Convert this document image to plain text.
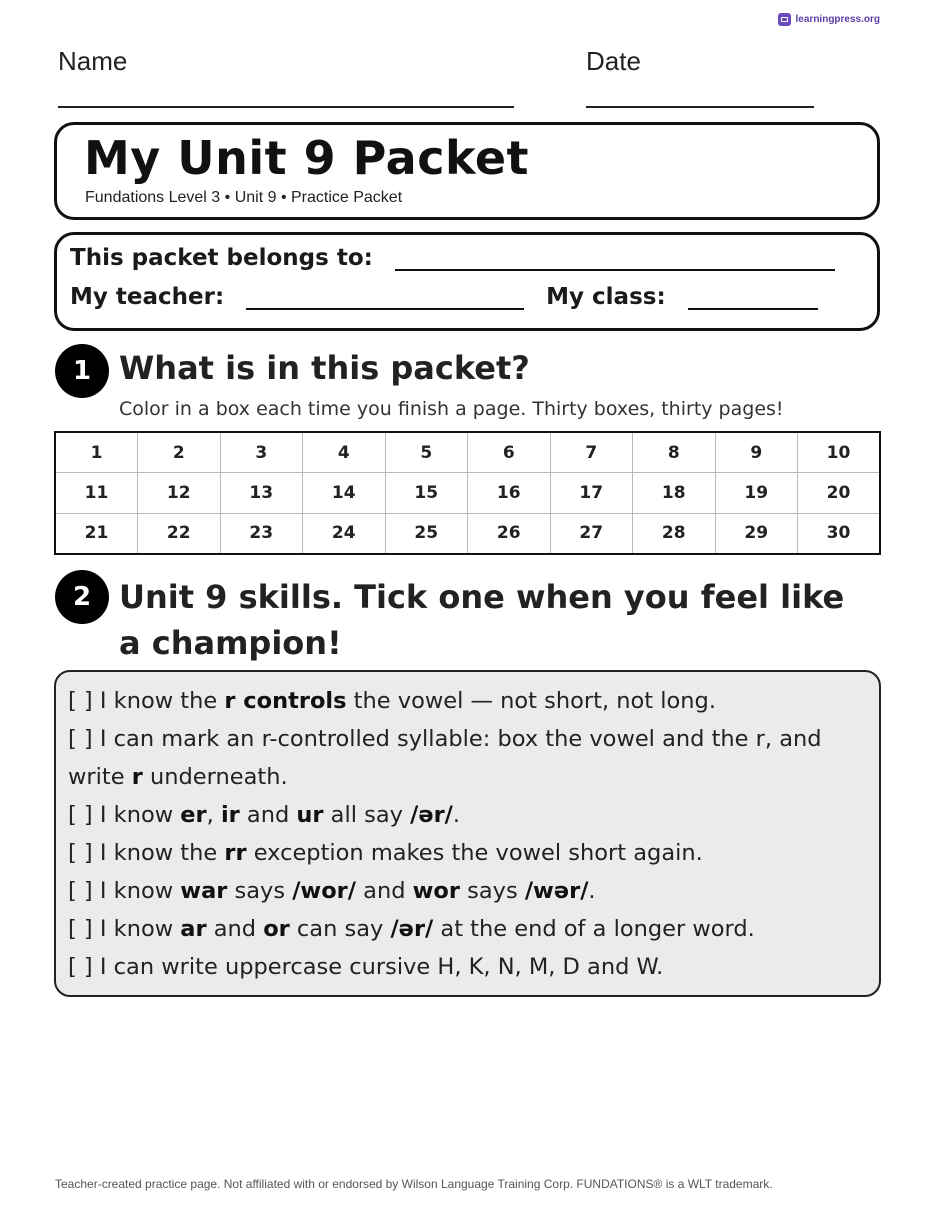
learningpress.org
Name	Date
My Unit 9 Packet
Fundations Level 3 • Unit 9 • Practice Packet
This packet belongs to:
My teacher:	My class:
1 What is in this packet?
Color in a box each time you finish a page. Thirty boxes, thirty pages!
1	2	3	4	5	6	7	8	9	10
11	12	13	14	15	16	17	18	19	20
21	22	23	24	25	26	27	28	29	30
2 Unit 9 skills. Tick one when you feel like a champion!
[ ] I know the r controls the vowel — not short, not long.
[ ] I can mark an r-controlled syllable: box the vowel and the r, and write r underneath.
[ ] I know er, ir and ur all say /ər/.
[ ] I know the rr exception makes the vowel short again.
[ ] I know war says /wor/ and wor says /wər/.
[ ] I know ar and or can say /ər/ at the end of a longer word.
[ ] I can write uppercase cursive H, K, N, M, D and W.
Teacher-created practice page. Not affiliated with or endorsed by Wilson Language Training Corp. FUNDATIONS® is a WLT trademark.
